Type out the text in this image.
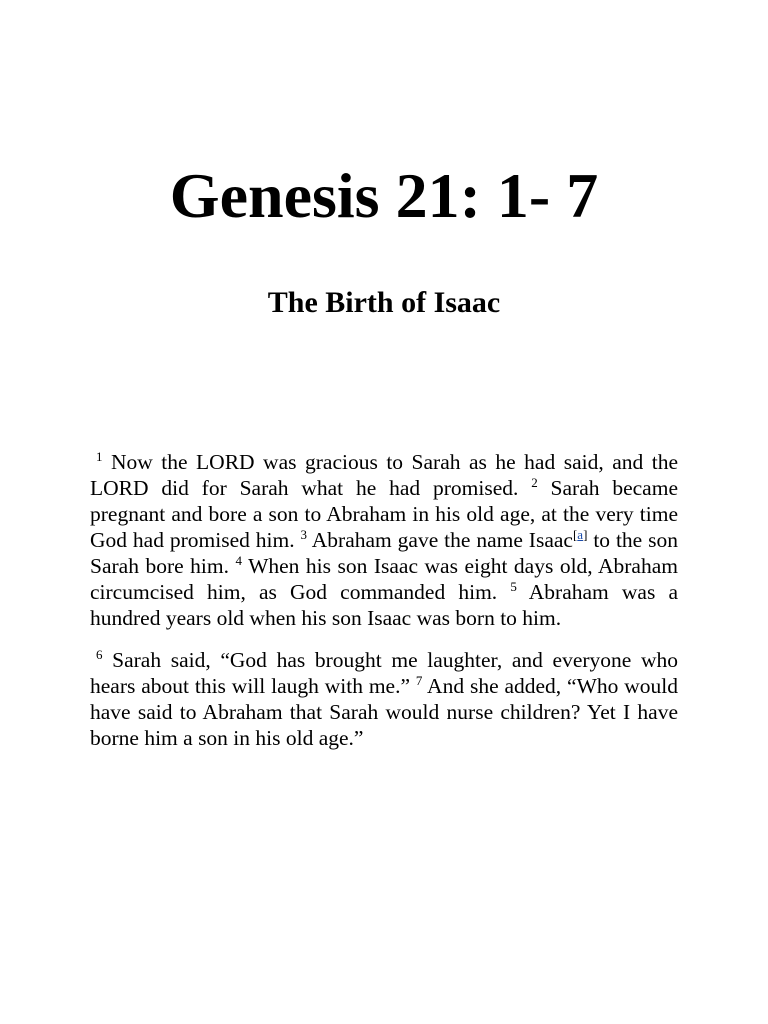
Genesis 21: 1- 7
The Birth of Isaac

$^1$ Now the LORD was gracious to Sarah as he had said, and the LORD did for Sarah what he had promised. $^2$ Sarah became pregnant and bore a son to Abraham in his old age, at the very time God had promised him. $^3$ Abraham gave the name Isaac[a] to the son Sarah bore him. $^4$ When his son Isaac was eight days old, Abraham circumcised him, as God commanded him. $^5$ Abraham was a hundred years old when his son Isaac was born to him.

$^6$ Sarah said, “God has brought me laughter, and everyone who hears about this will laugh with me.” $^7$ And she added, “Who would have said to Abraham that Sarah would nurse children? Yet I have borne him a son in his old age.”
